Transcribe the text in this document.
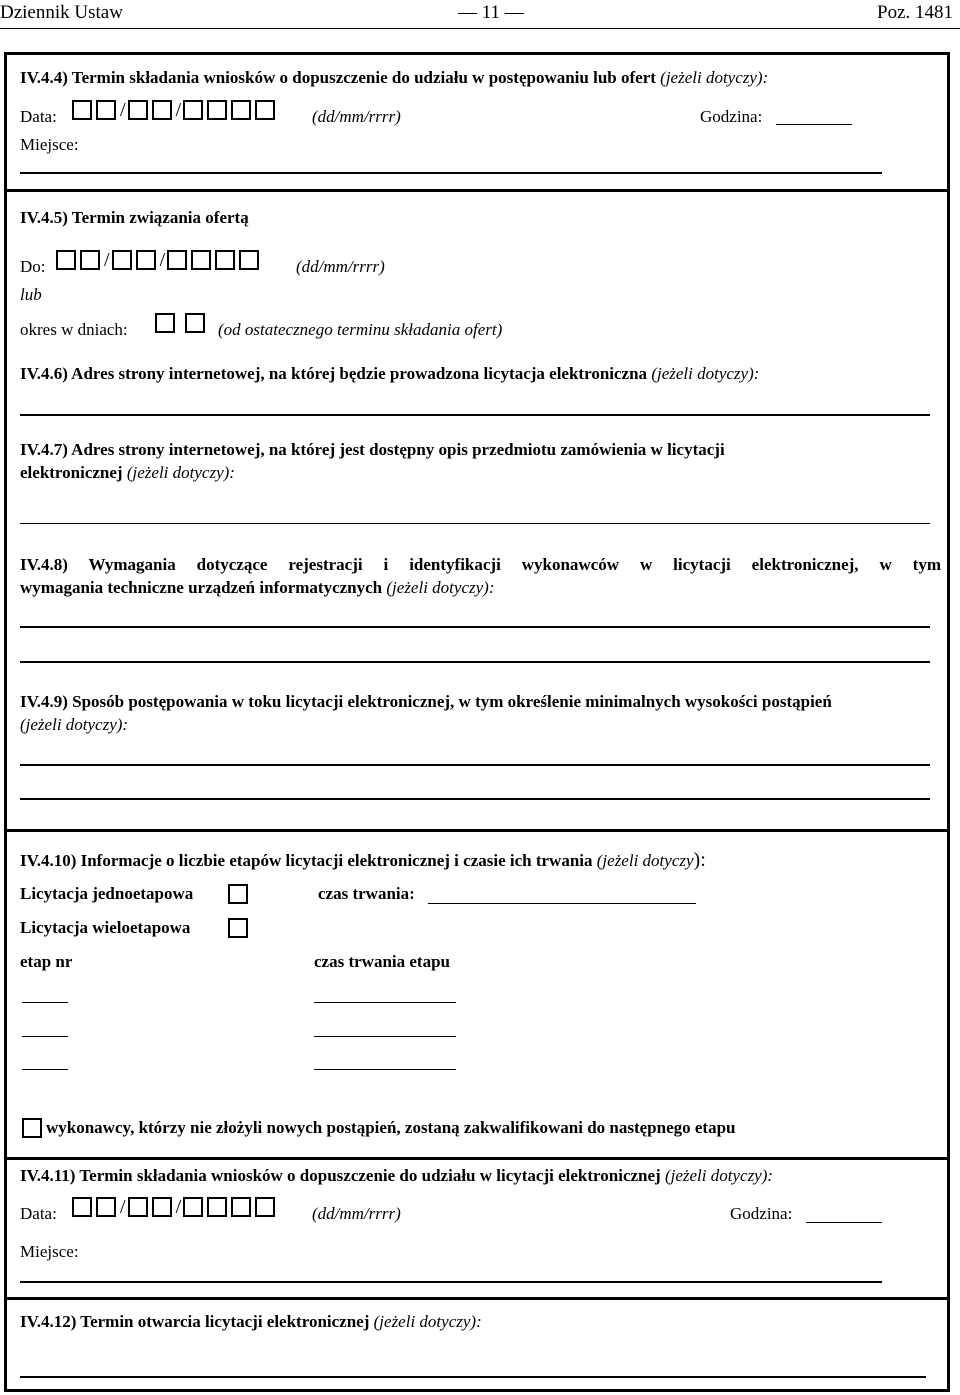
Dziennik Ustaw	— 11 —	Poz. 1481
IV.4.4) Termin składania wniosków o dopuszczenie do udziału w postępowaniu lub ofert (jeżeli dotyczy):
Data:	/	/	(dd/mm/rrrr)	Godzina:
Miejsce:
IV.4.5) Termin związania ofertą
Do:	/	/	(dd/mm/rrrr)
lub
okres w dniach:	(od ostatecznego terminu składania ofert)
IV.4.6) Adres strony internetowej, na której będzie prowadzona licytacja elektroniczna (jeżeli dotyczy):
IV.4.7) Adres strony internetowej, na której jest dostępny opis przedmiotu zamówienia w licytacji
elektronicznej (jeżeli dotyczy):
IV.4.8) Wymagania dotyczące rejestracji i identyfikacji wykonawców w licytacji elektronicznej, w tym
wymagania techniczne urządzeń informatycznych (jeżeli dotyczy):
IV.4.9) Sposób postępowania w toku licytacji elektronicznej, w tym określenie minimalnych wysokości postąpień
(jeżeli dotyczy):
IV.4.10) Informacje o liczbie etapów licytacji elektronicznej i czasie ich trwania (jeżeli dotyczy):
Licytacja jednoetapowa	czas trwania:
Licytacja wieloetapowa
etap nr	czas trwania etapu
wykonawcy, którzy nie złożyli nowych postąpień, zostaną zakwalifikowani do następnego etapu
IV.4.11) Termin składania wniosków o dopuszczenie do udziału w licytacji elektronicznej (jeżeli dotyczy):
Data:	/	/	(dd/mm/rrrr)	Godzina:
Miejsce:
IV.4.12) Termin otwarcia licytacji elektronicznej (jeżeli dotyczy):
